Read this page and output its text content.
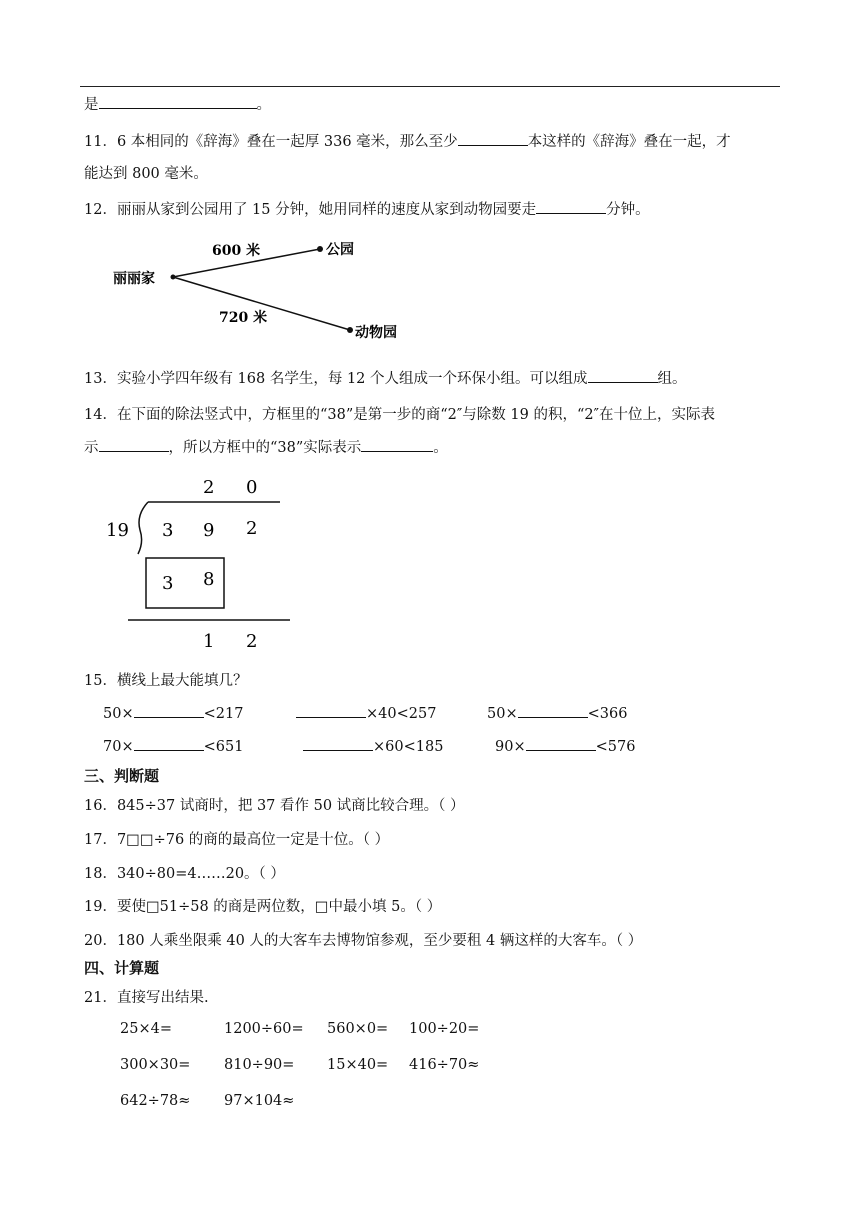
是	。
11．6 本相同的《辞海》叠在一起厚 336 毫米，那么至少	本这样的《辞海》叠在一起，才
能达到 800 毫米。
12．丽丽从家到公园用了 15 分钟，她用同样的速度从家到动物园要走	分钟。
丽丽家
公园
动物园
600 米
720 米
13．实验小学四年级有 168 名学生，每 12 个人组成一个环保小组。可以组成	组。
14．在下面的除法竖式中，方框里的“38”是第一步的商“2″与除数 19 的积，“2″在十位上，实际表
示	，所以方框中的“38”实际表示	。
2 0
19 3 9 2
3 8
1 2
15．横线上最大能填几？
50×	<217	×40<257	50×	<366
70×	<651	×60<185	90×	<576
三、判断题
16．845÷37 试商时，把 37 看作 50 试商比较合理。（ ）
17．7□□÷76 的商的最高位一定是十位。（ ）
18．340÷80=4……20。（ ）
19．要使□51÷58 的商是两位数，□中最小填 5。（ ）
20．180 人乘坐限乘 40 人的大客车去博物馆参观，至少要租 4 辆这样的大客车。（ ）
四、计算题
21．直接写出结果.
25×4=	1200÷60= 560×0= 100÷20=
300×30= 810÷90= 15×40= 416÷70≈
642÷78≈ 97×104≈
